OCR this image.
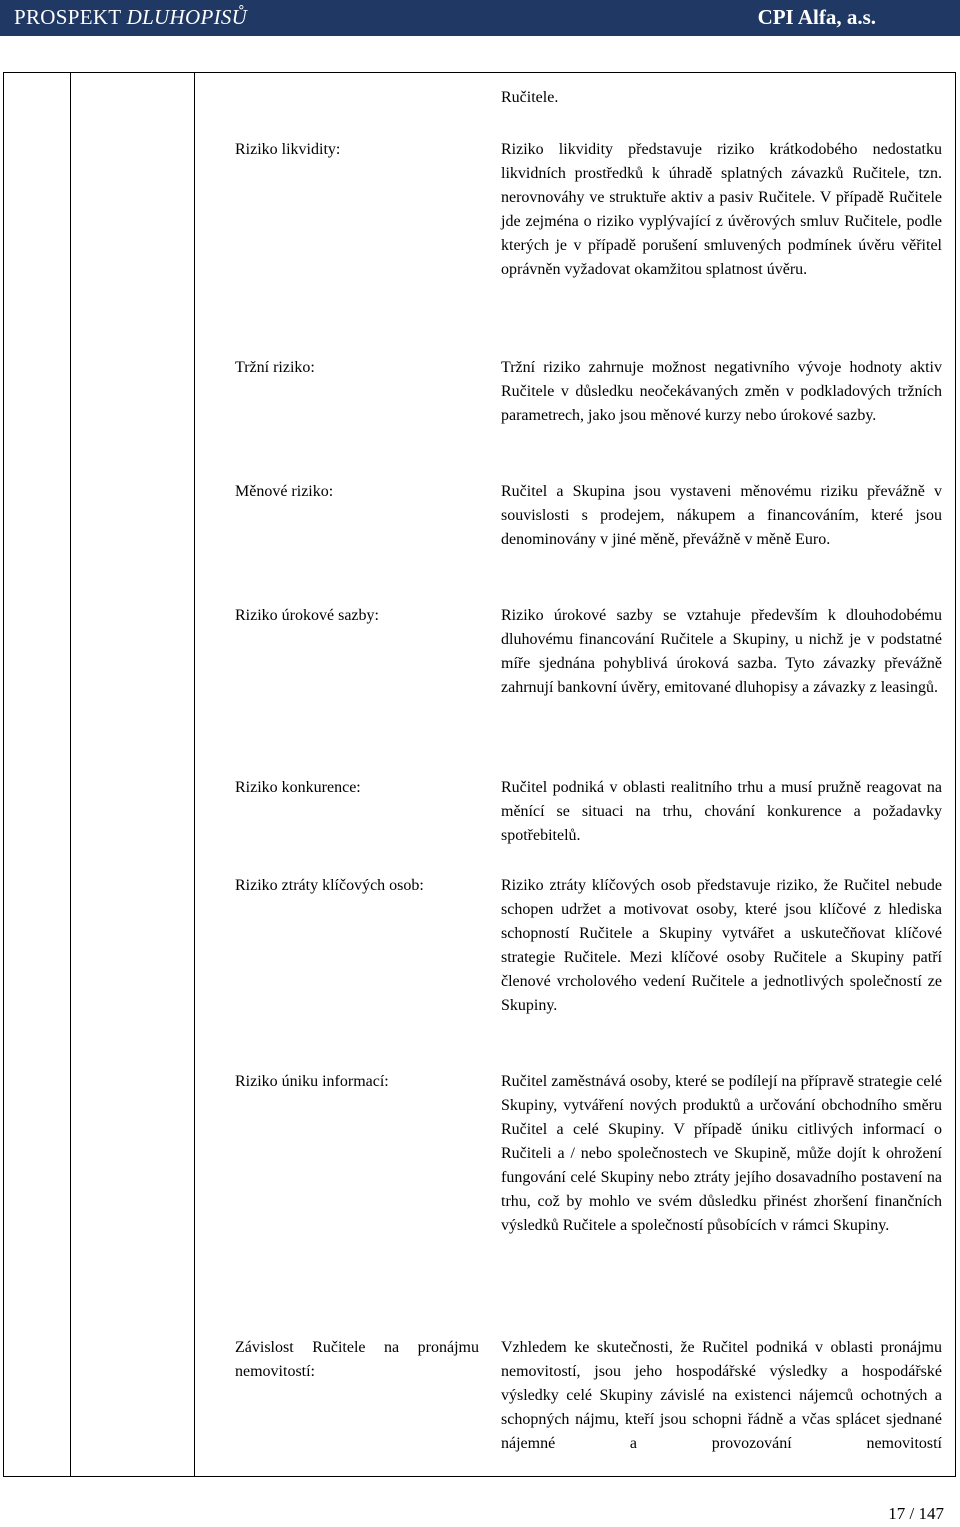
PROSPEKT DLUHOPISŮ	CPI Alfa, a.s.
Ručitele.
Riziko likvidity:	Riziko likvidity představuje riziko krátkodobého nedostatku likvidních prostředků k úhradě splatných závazků Ručitele, tzn. nerovnováhy ve struktuře aktiv a pasiv Ručitele. V případě Ručitele jde zejména o riziko vyplývající z úvěrových smluv Ručitele, podle kterých je v případě porušení smluvených podmínek úvěru věřitel oprávněn vyžadovat okamžitou splatnost úvěru.
Tržní riziko:	Tržní riziko zahrnuje možnost negativního vývoje hodnoty aktiv Ručitele v důsledku neočekávaných změn v podkladových tržních parametrech, jako jsou měnové kurzy nebo úrokové sazby.
Měnové riziko:	Ručitel a Skupina jsou vystaveni měnovému riziku převážně v souvislosti s prodejem, nákupem a financováním, které jsou denominovány v jiné měně, převážně v měně Euro.
Riziko úrokové sazby:	Riziko úrokové sazby se vztahuje především k dlouhodobému dluhovému financování Ručitele a Skupiny, u nichž je v podstatné míře sjednána pohyblivá úroková sazba. Tyto závazky převážně zahrnují bankovní úvěry, emitované dluhopisy a závazky z leasingů.
Riziko konkurence:	Ručitel podniká v oblasti realitního trhu a musí pružně reagovat na měnící se situaci na trhu, chování konkurence a požadavky spotřebitelů.
Riziko ztráty klíčových osob:	Riziko ztráty klíčových osob představuje riziko, že Ručitel nebude schopen udržet a motivovat osoby, které jsou klíčové z hlediska schopností Ručitele a Skupiny vytvářet a uskutečňovat klíčové strategie Ručitele. Mezi klíčové osoby Ručitele a Skupiny patří členové vrcholového vedení Ručitele a jednotlivých společností ze Skupiny.
Riziko úniku informací:	Ručitel zaměstnává osoby, které se podílejí na přípravě strategie celé Skupiny, vytváření nových produktů a určování obchodního směru Ručitel a celé Skupiny. V případě úniku citlivých informací o Ručiteli a / nebo společnostech ve Skupině, může dojít k ohrožení fungování celé Skupiny nebo ztráty jejího dosavadního postavení na trhu, což by mohlo ve svém důsledku přinést zhoršení finančních výsledků Ručitele a společností působících v rámci Skupiny.
Závislost Ručitele na pronájmu nemovitostí:
Vzhledem ke skutečnosti, že Ručitel podniká v oblasti pronájmu nemovitostí, jsou jeho hospodářské výsledky a hospodářské výsledky celé Skupiny závislé na existenci nájemců ochotných a schopných nájmu, kteří jsou schopni řádně a včas splácet sjednané nájemné a provozování nemovitostí
17 / 147
